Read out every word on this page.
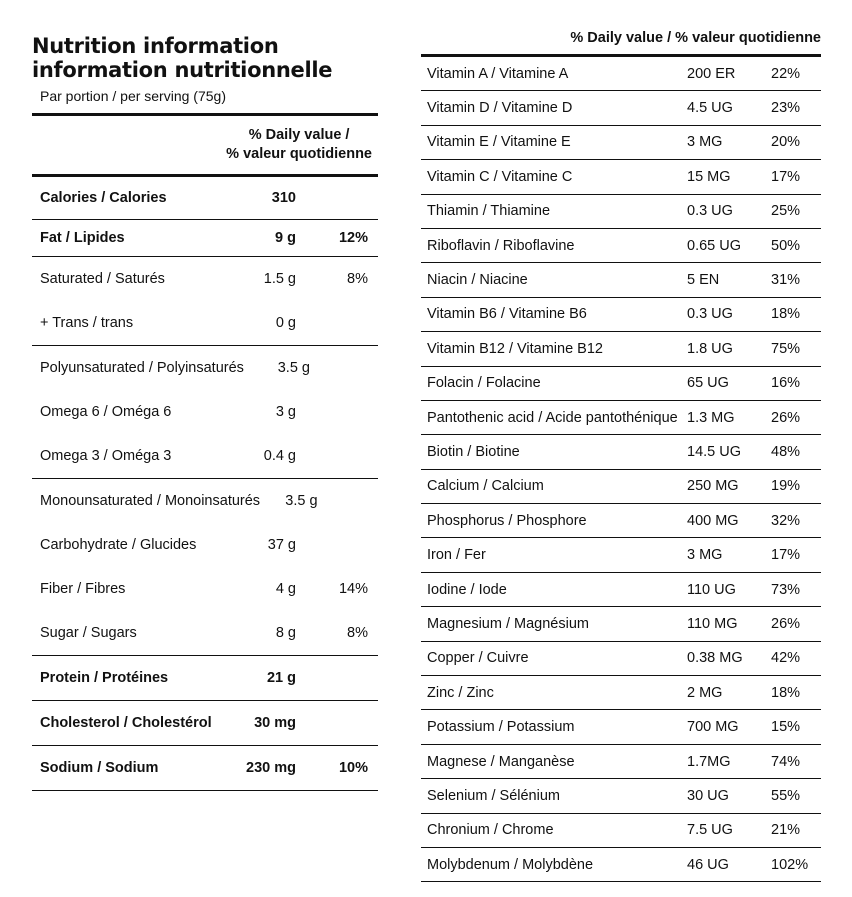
Nutrition information
information nutritionnelle
Par portion / per serving (75g)
% Daily value /
% valeur quotidienne
Calories / Calories	310
Fat / Lipides	9 g	12%
Saturated / Saturés	1.5 g	8%
+ Trans / trans	0 g
Polyunsaturated / Polyinsaturés	3.5 g
Omega 6 / Oméga 6	3 g
Omega 3 / Oméga 3	0.4 g
Monounsaturated / Monoinsaturés	3.5 g
Carbohydrate / Glucides	37 g
Fiber / Fibres	4 g	14%
Sugar / Sugars	8 g	8%
Protein / Protéines	21 g
Cholesterol / Cholestérol	30 mg
Sodium / Sodium	230 mg	10%
% Daily value / % valeur quotidienne
Vitamin A / Vitamine A	200 ER	22%
Vitamin D / Vitamine D	4.5 UG	23%
Vitamin E / Vitamine E	3 MG	20%
Vitamin C / Vitamine C	15 MG	17%
Thiamin / Thiamine	0.3 UG	25%
Riboflavin / Riboflavine	0.65 UG	50%
Niacin / Niacine	5 EN	31%
Vitamin B6 / Vitamine B6	0.3 UG	18%
Vitamin B12 / Vitamine B12	1.8 UG	75%
Folacin / Folacine	65 UG	16%
Pantothenic acid / Acide pantothénique 1.3 MG	26%
Biotin / Biotine	14.5 UG	48%
Calcium / Calcium	250 MG	19%
Phosphorus / Phosphore	400 MG	32%
Iron / Fer	3 MG	17%
Iodine / Iode	110 UG	73%
Magnesium / Magnésium	110 MG	26%
Copper / Cuivre	0.38 MG	42%
Zinc / Zinc	2 MG	18%
Potassium / Potassium	700 MG	15%
Magnese / Manganèse	1.7MG	74%
Selenium / Sélénium	30 UG	55%
Chronium / Chrome	7.5 UG	21%
Molybdenum / Molybdène	46 UG	102%
